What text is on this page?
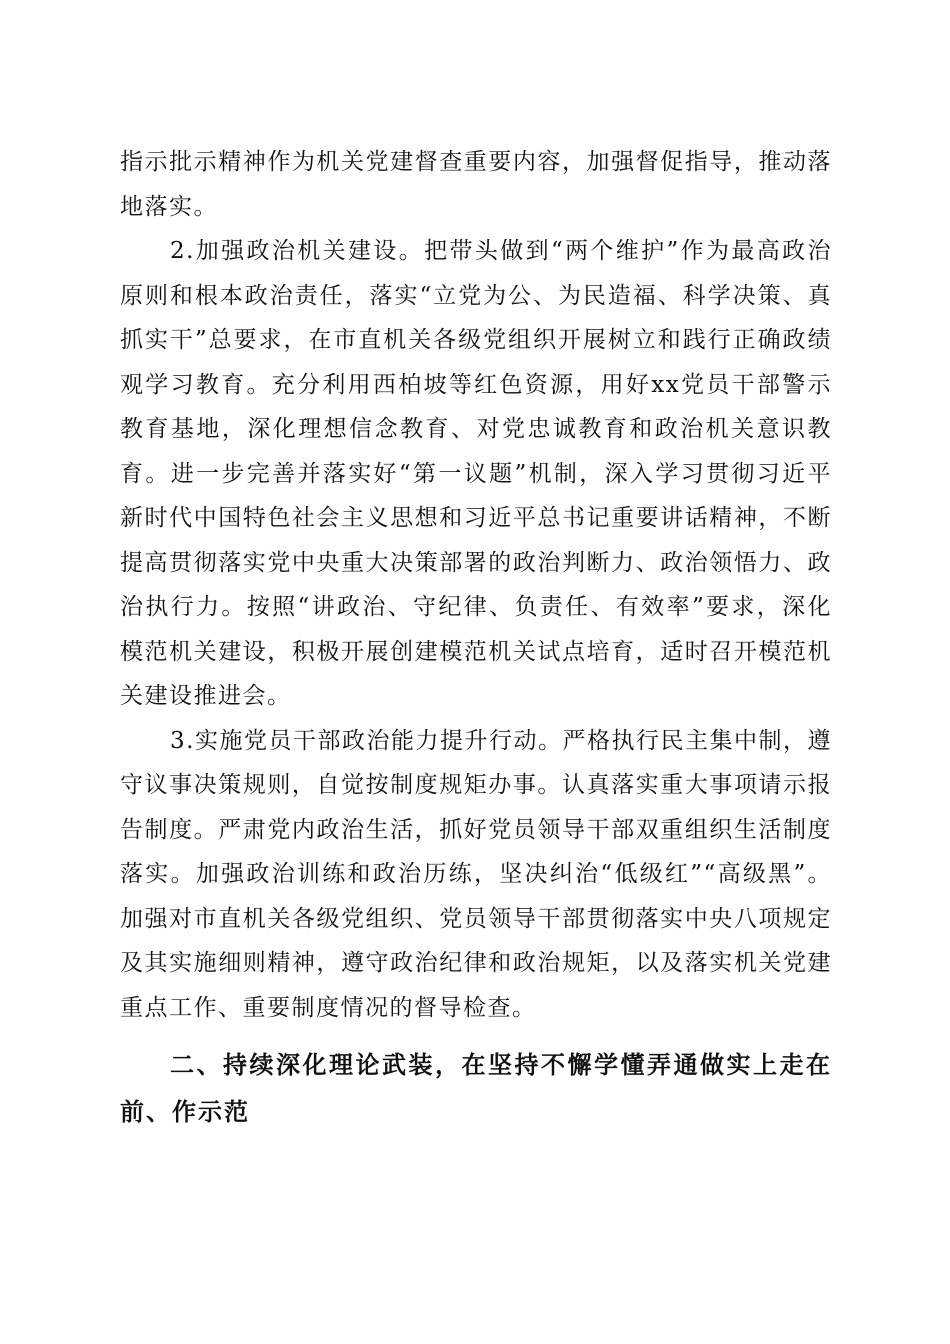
指示批示精神作为机关党建督查重要内容，加强督促指导，推动落地落实。

2.加强政治机关建设。把带头做到“两个维护”作为最高政治原则和根本政治责任，落实“立党为公、为民造福、科学决策、真抓实干”总要求，在市直机关各级党组织开展树立和践行正确政绩观学习教育。充分利用西柏坡等红色资源，用好xx党员干部警示教育基地，深化理想信念教育、对党忠诚教育和政治机关意识教育。进一步完善并落实好“第一议题”机制，深入学习贯彻习近平新时代中国特色社会主义思想和习近平总书记重要讲话精神，不断提高贯彻落实党中央重大决策部署的政治判断力、政治领悟力、政治执行力。按照“讲政治、守纪律、负责任、有效率”要求，深化模范机关建设，积极开展创建模范机关试点培育，适时召开模范机关建设推进会。

3.实施党员干部政治能力提升行动。严格执行民主集中制，遵守议事决策规则，自觉按制度规矩办事。认真落实重大事项请示报告制度。严肃党内政治生活，抓好党员领导干部双重组织生活制度落实。加强政治训练和政治历练，坚决纠治“低级红”“高级黑”。加强对市直机关各级党组织、党员领导干部贯彻落实中央八项规定及其实施细则精神，遵守政治纪律和政治规矩，以及落实机关党建重点工作、重要制度情况的督导检查。

二、持续深化理论武装，在坚持不懈学懂弄通做实上走在前、作示范
